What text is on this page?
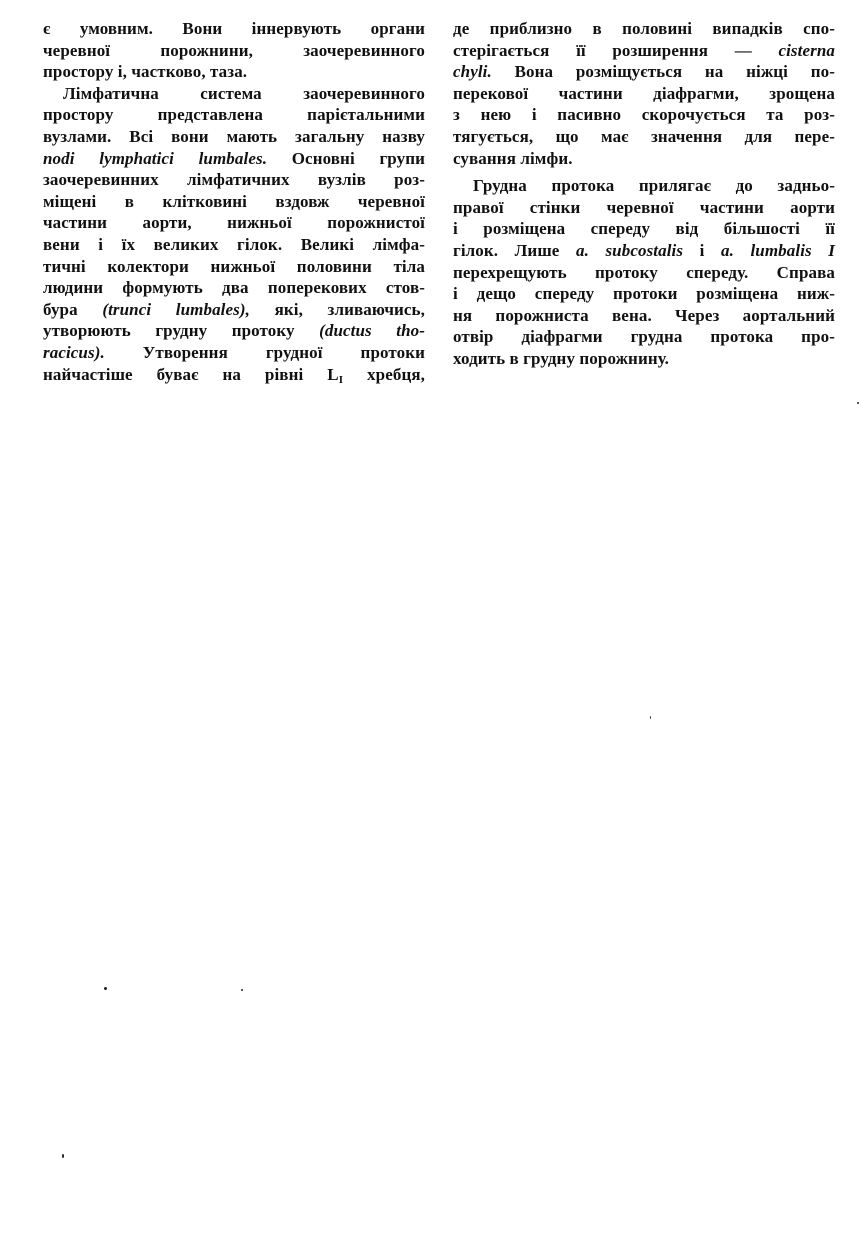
є умовним. Вони іннервують органи
черевної порожнини, заочеревинного
простору і, частково, таза.
Лімфатична система заочеревинного
простору представлена парієтальними
вузлами. Всі вони мають загальну назву
nodi lymphatici lumbales. Основні групи
заочеревинних лімфатичних вузлів роз-
міщені в клітковині вздовж черевної
частини аорти, нижньої порожнистої
вени і їх великих гілок. Великі лімфа-
тичні колектори нижньої половини тіла
людини формують два поперекових стов-
бура (trunci lumbales), які, зливаючись,
утворюють грудну протоку (ductus tho-
racicus). Утворення грудної протоки
найчастіше буває на рівні $L_I$ хребця,
де приблизно в половині випадків спо-
стерігається її розширення — cisterna
chyli. Вона розміщується на ніжці по-
перекової частини діафрагми, зрощена
з нею і пасивно скорочується та роз-
тягується, що має значення для пере-
сування лімфи.
Грудна протока прилягає до задньо-
правої стінки черевної частини аорти
і розміщена спереду від більшості її
гілок. Лише a. subcostalis і a. lumbalis I
перехрещують протоку спереду. Справа
і дещо спереду протоки розміщена ниж-
ня порожниста вена. Через аортальний
отвір діафрагми грудна протока про-
ходить в грудну порожнину.
